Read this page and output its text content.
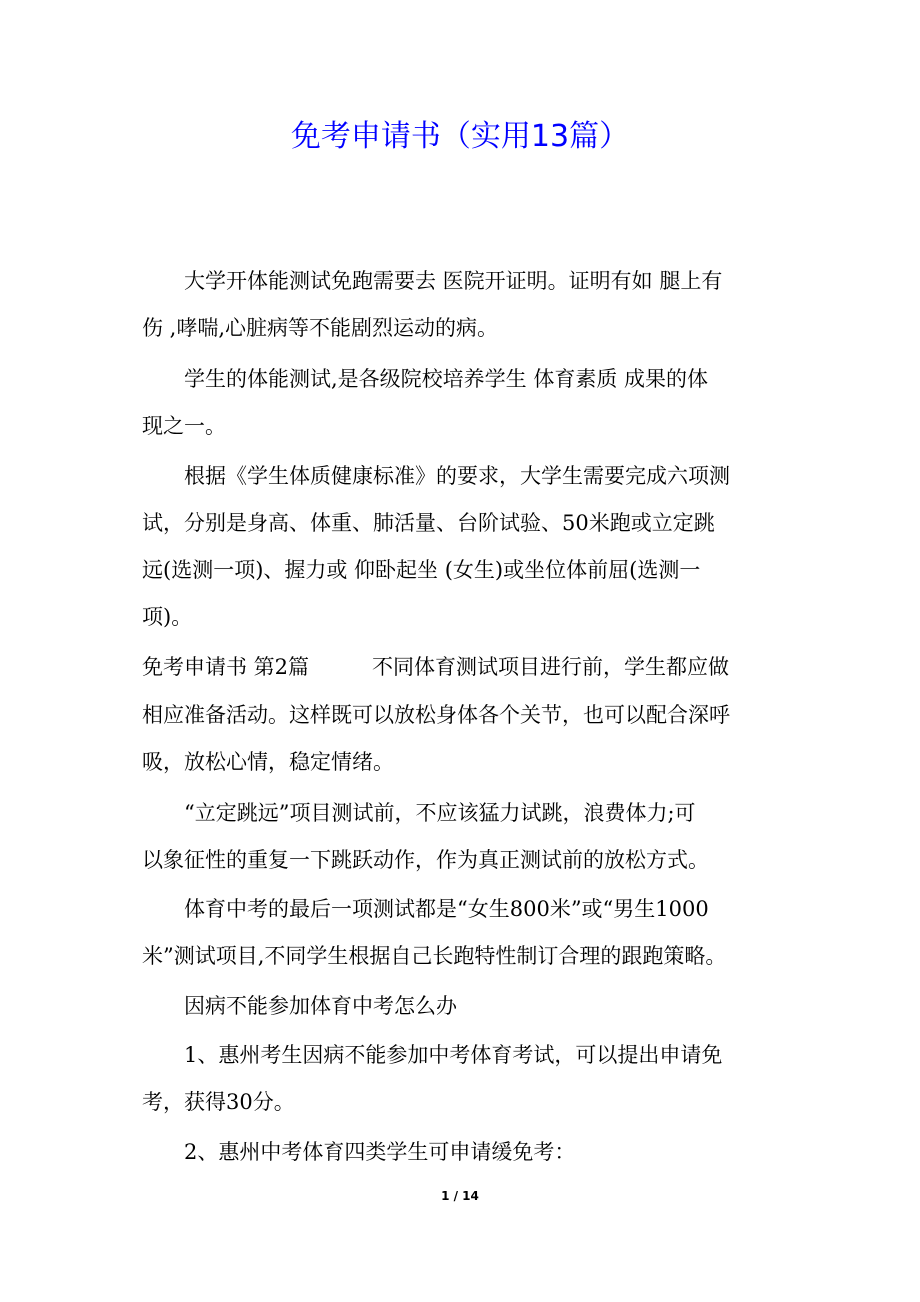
免考申请书（实用13篇）
　　大学开体能测试免跑需要去 医院开证明。证明有如 腿上有
伤 ,哮喘,心脏病等不能剧烈运动的病。
　　学生的体能测试,是各级院校培养学生 体育素质 成果的体
现之一。
　　根据《学生体质健康标准》的要求，大学生需要完成六项测
试，分别是身高、体重、肺活量、台阶试验、50米跑或立定跳
远(选测一项)、握力或 仰卧起坐 (女生)或坐位体前屈(选测一
项)。
免考申请书 第2篇　　　不同体育测试项目进行前，学生都应做
相应准备活动。这样既可以放松身体各个关节，也可以配合深呼
吸，放松心情，稳定情绪。
　　“立定跳远”项目测试前，不应该猛力试跳，浪费体力;可
以象征性的重复一下跳跃动作，作为真正测试前的放松方式。
　　体育中考的最后一项测试都是“女生800米”或“男生1000
米”测试项目,不同学生根据自己长跑特性制订合理的跟跑策略。
　　因病不能参加体育中考怎么办
　　1、惠州考生因病不能参加中考体育考试，可以提出申请免
考，获得30分。
　　2、惠州中考体育四类学生可申请缓免考：
1 / 14
